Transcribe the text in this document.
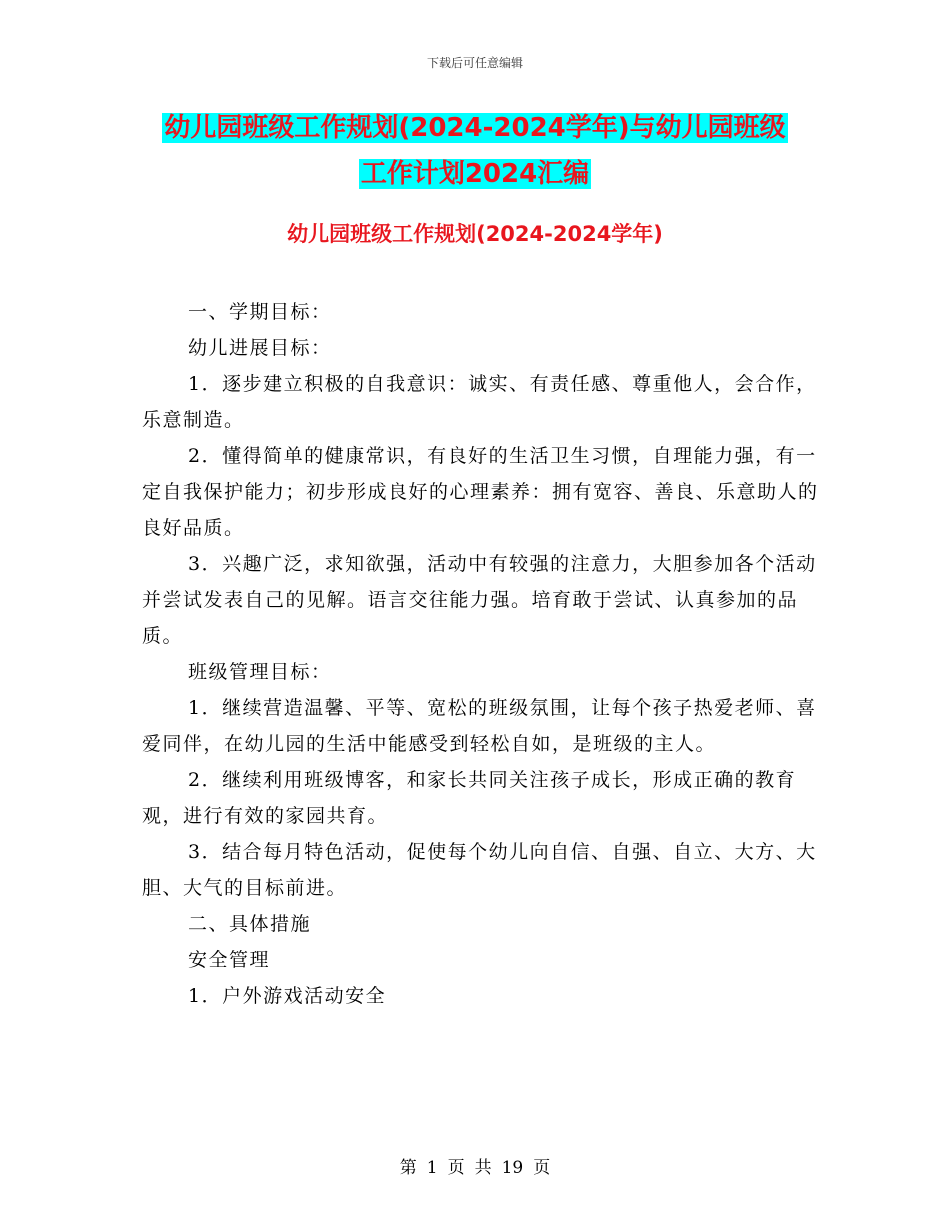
下载后可任意编辑
幼儿园班级工作规划(2024-2024学年)与幼儿园班级
工作计划2024汇编
幼儿园班级工作规划(2024-2024学年)

一、学期目标：

幼儿进展目标：

1．逐步建立积极的自我意识：诚实、有责任感、尊重他人，会合作，乐意制造。

2．懂得简单的健康常识，有良好的生活卫生习惯，自理能力强，有一定自我保护能力；初步形成良好的心理素养：拥有宽容、善良、乐意助人的良好品质。

3．兴趣广泛，求知欲强，活动中有较强的注意力，大胆参加各个活动并尝试发表自己的见解。语言交往能力强。培育敢于尝试、认真参加的品质。

班级管理目标：

1．继续营造温馨、平等、宽松的班级氛围，让每个孩子热爱老师、喜爱同伴，在幼儿园的生活中能感受到轻松自如，是班级的主人。

2．继续利用班级博客，和家长共同关注孩子成长，形成正确的教育观，进行有效的家园共育。

3．结合每月特色活动，促使每个幼儿向自信、自强、自立、大方、大胆、大气的目标前进。

二、具体措施

安全管理

1．户外游戏活动安全

第 1 页 共 19 页
